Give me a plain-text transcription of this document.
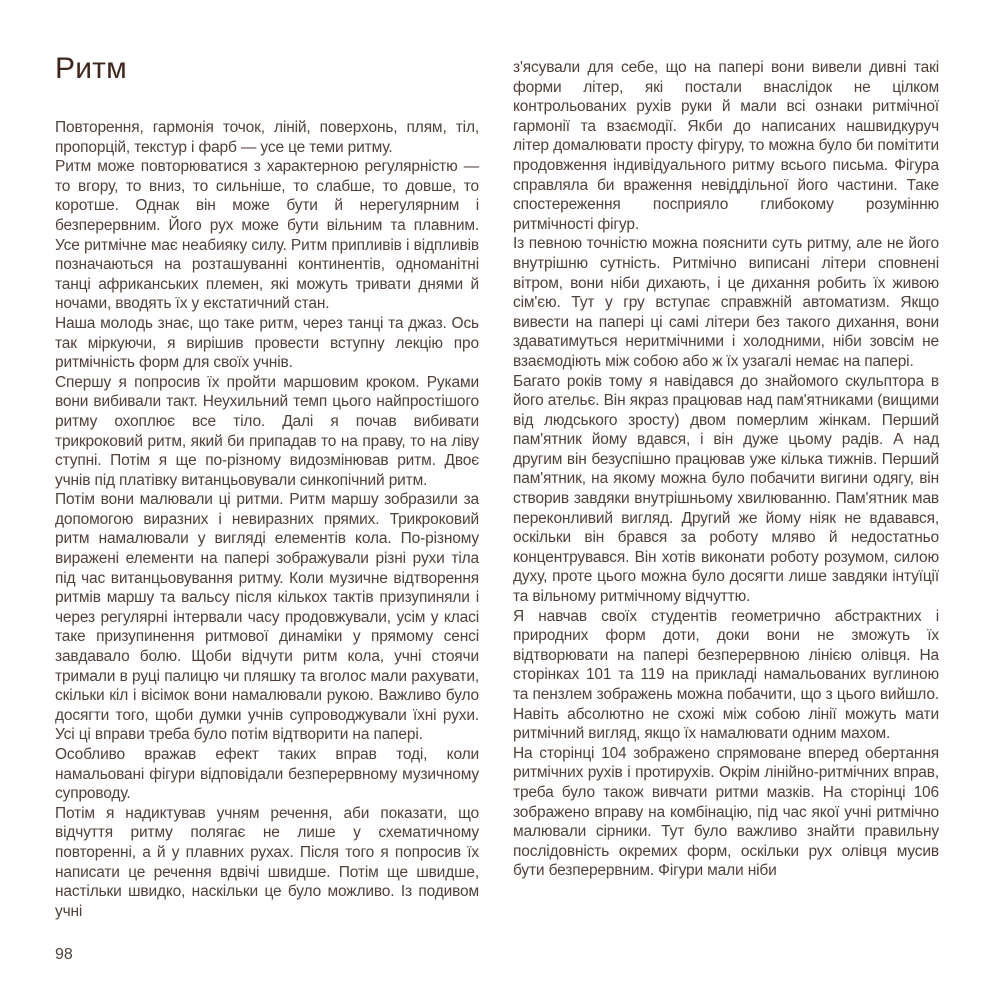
Ритм

Повторення, гармонія точок, ліній, поверхонь, плям, тіл, пропорцій, текстур і фарб — усе це теми ритму.

Ритм може повторюватися з характерною регулярністю — то вгору, то вниз, то сильніше, то слабше, то довше, то коротше. Однак він може бути й нерегулярним і безперервним. Його рух може бути вільним та плавним. Усе ритмічне має неабияку силу. Ритм припливів і відпливів позначаються на розташуванні континентів, одноманітні танці африканських племен, які можуть тривати днями й ночами, вводять їх у екстатичний стан.

Наша молодь знає, що таке ритм, через танці та джаз. Ось так міркуючи, я вирішив провести вступну лекцію про ритмічність форм для своїх учнів.

Спершу я попросив їх пройти маршовим кроком. Руками вони вибивали такт. Неухильний темп цього найпростішого ритму охоплює все тіло. Далі я почав вибивати трикроковий ритм, який би припадав то на праву, то на ліву ступні. Потім я ще по-різному видозмінював ритм. Двоє учнів під платівку витанцьовували синкопічний ритм.

Потім вони малювали ці ритми. Ритм маршу зобразили за допомогою виразних і невиразних прямих. Трикроковий ритм намалювали у вигляді елементів кола. По-різному виражені елементи на папері зображували різні рухи тіла під час витанцьовування ритму. Коли музичне відтворення ритмів маршу та вальсу після кількох тактів призупиняли і через регулярні інтервали часу продовжували, усім у класі таке призупинення ритмової динаміки у прямому сенсі завдавало болю. Щоби відчути ритм кола, учні стоячи тримали в руці палицю чи пляшку та вголос мали рахувати, скільки кіл і вісімок вони намалювали рукою. Важливо було досягти того, щоби думки учнів супроводжували їхні рухи. Усі ці вправи треба було потім відтворити на папері.

Особливо вражав ефект таких вправ тоді, коли намальовані фігури відповідали безперервному музичному супроводу.

Потім я надиктував учням речення, аби показати, що відчуття ритму полягає не лише у схематичному повторенні, а й у плавних рухах. Після того я попросив їх написати це речення вдвічі швидше. Потім ще швидше, настільки швидко, наскільки це було можливо. Із подивом учні

з'ясували для себе, що на папері вони вивели дивні такі форми літер, які постали внаслідок не цілком контрольованих рухів руки й мали всі ознаки ритмічної гармонії та взаємодії. Якби до написаних нашвидкуруч літер домалювати просту фігуру, то можна було би помітити продовження індивідуального ритму всього письма. Фігура справляла би враження невіддільної його частини. Таке спостереження посприяло глибокому розумінню ритмічності фігур.

Із певною точністю можна пояснити суть ритму, але не його внутрішню сутність. Ритмічно виписані літери сповнені вітром, вони ніби дихають, і це дихання робить їх живою сім'єю. Тут у гру вступає справжній автоматизм. Якщо вивести на папері ці самі літери без такого дихання, вони здаватимуться неритмічними і холодними, ніби зовсім не взаємодіють між собою або ж їх узагалі немає на папері.

Багато років тому я навідався до знайомого скульптора в його ательє. Він якраз працював над пам'ятниками (вищими від людського зросту) двом померлим жінкам. Перший пам'ятник йому вдався, і він дуже цьому радів. А над другим він безуспішно працював уже кілька тижнів. Перший пам'ятник, на якому можна було побачити вигини одягу, він створив завдяки внутрішньому хвилюванню. Пам'ятник мав переконливий вигляд. Другий же йому ніяк не вдавався, оскільки він брався за роботу мляво й недостатньо концентрувався. Він хотів виконати роботу розумом, силою духу, проте цього можна було досягти лише завдяки інтуїції та вільному ритмічному відчуттю.

Я навчав своїх студентів геометрично абстрактних і природних форм доти, доки вони не зможуть їх відтворювати на папері безперервною лінією олівця. На сторінках 101 та 119 на прикладі намальованих вуглиною та пензлем зображень можна побачити, що з цього вийшло. Навіть абсолютно не схожі між собою лінії можуть мати ритмічний вигляд, якщо їх намалювати одним махом.

На сторінці 104 зображено спрямоване вперед обертання ритмічних рухів і протирухів. Окрім лінійно-ритмічних вправ, треба було також вивчати ритми мазків. На сторінці 106 зображено вправу на комбінацію, під час якої учні ритмічно малювали сірники. Тут було важливо знайти правильну послідовність окремих форм, оскільки рух олівця мусив бути безперервним. Фігури мали ніби

98
